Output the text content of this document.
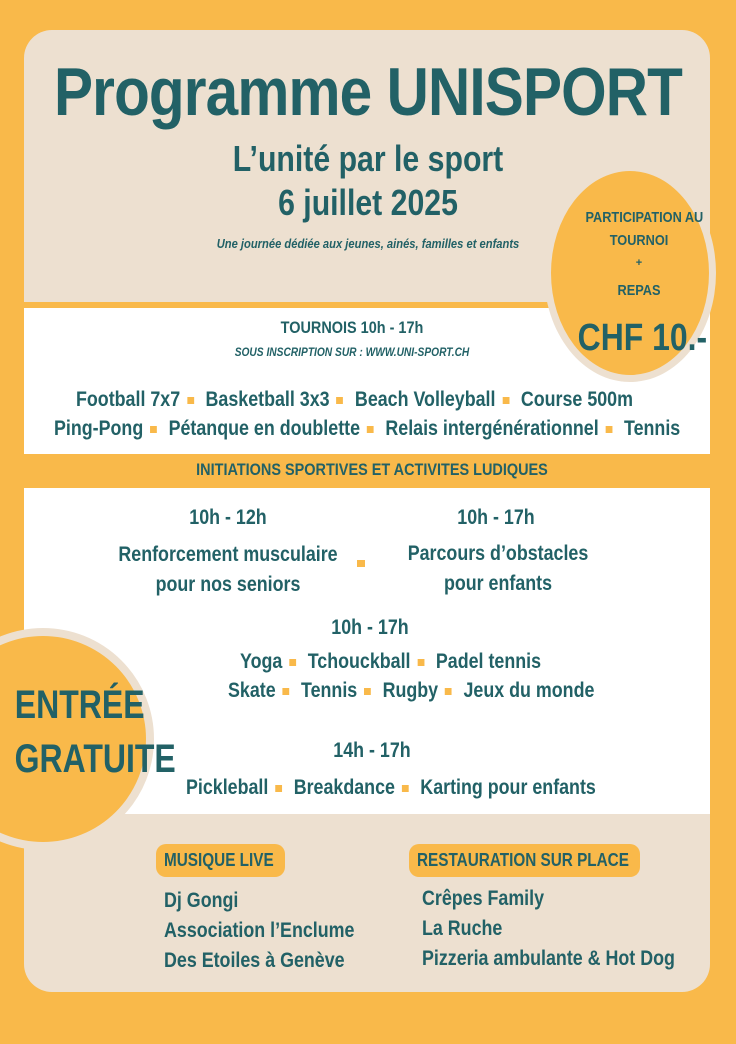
Programme UNISPORT
L’unité par le sport
6 juillet 2025
Une journée dédiée aux jeunes, ainés, familles et enfants
TOURNOIS 10h - 17h
SOUS INSCRIPTION SUR : WWW.UNI-SPORT.CH
Football 7x7 Basketball 3x3 Beach Volleyball Course 500m
Ping-Pong Pétanque en doublette Relais intergénérationnel Tennis
INITIATIONS SPORTIVES ET ACTIVITES LUDIQUES
10h - 12h	10h - 17h
Renforcement musculaire
pour nos seniors
Parcours d’obstacles
pour enfants
10h - 17h
Yoga Tchouckball Padel tennis
Skate Tennis Rugby Jeux du monde
14h - 17h
Pickleball Breakdance Karting pour enfants
PARTICIPATION AU
TOURNOI
+
REPAS
CHF 10.-
ENTRÉE
GRATUITE
MUSIQUE LIVE
Dj Gongi
Association l’Enclume
Des Etoiles à Genève
RESTAURATION SUR PLACE
Crêpes Family
La Ruche
Pizzeria ambulante & Hot Dog
